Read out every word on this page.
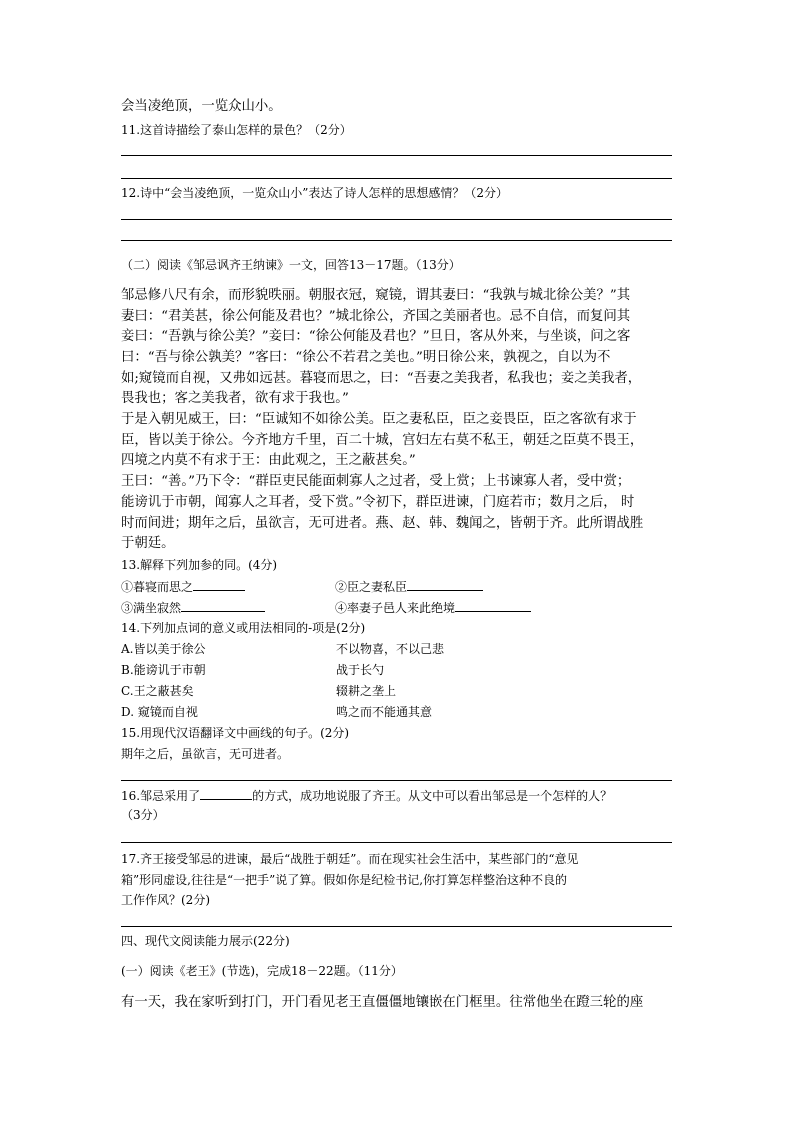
会当凌绝顶，一览众山小。
11.这首诗描绘了泰山怎样的景色？（2分）
12.诗中“会当凌绝顶，一览众山小”表达了诗人怎样的思想感情？（2分）
（二）阅读《邹忌讽齐王纳谏》一文，回答13－17题。（13分）
邹忌修八尺有余，而形貌昳丽。朝服衣冠，窥镜，谓其妻曰：“我孰与城北徐公美？”其
妻曰：“君美甚，徐公何能及君也？”城北徐公，齐国之美丽者也。忌不自信，而复问其
妾曰：“吾孰与徐公美？”妾曰：“徐公何能及君也？”旦日，客从外来，与坐谈，问之客
曰：“吾与徐公孰美？”客曰：“徐公不若君之美也。”明日徐公来，孰视之，自以为不
如;窥镜而自视，又弗如远甚。暮寝而思之，曰：“吾妻之美我者，私我也；妾之美我者，
畏我也；客之美我者，欲有求于我也。”
于是入朝见威王，曰：“臣诚知不如徐公美。臣之妻私臣，臣之妾畏臣，臣之客欲有求于
臣，皆以美于徐公。今齐地方千里，百二十城，宫妇左右莫不私王，朝廷之臣莫不畏王，
四境之内莫不有求于王：由此观之，王之蔽甚矣。”
王曰：“善。”乃下令：“群臣吏民能面刺寡人之过者，受上赏；上书谏寡人者，受中赏；
能谤讥于市朝，闻寡人之耳者，受下赏。”令初下，群臣进谏，门庭若市；数月之后， 时
时而间进；期年之后，虽欲言，无可进者。燕、赵、韩、魏闻之，皆朝于齐。此所谓战胜
于朝廷。
13.解释下列加参的同。(4分)
①暮寝而思之	②臣之妻私臣
③满坐寂然	④率妻子邑人来此绝境
14.下列加点词的意义或用法相同的-项是(2分)
A.皆以美于徐公	不以物喜，不以己悲
B.能谤讥于市朝	战于长勺
C.王之蔽甚矣	辍耕之垄上
D. 窥镜而自视	鸣之而不能通其意
15.用现代汉语翻译文中画线的句子。(2分)
期年之后，虽欲言，无可进者。
16.邹忌采用了	的方式，成功地说服了齐王。从文中可以看出邹忌是一个怎样的人？
（3分）
17.齐王接受邹忌的进谏，最后“战胜于朝廷”。而在现实社会生活中，某些部门的“意见
箱”形同虚设,往往是“一把手”说了算。假如你是纪检书记,你打算怎样整治这种不良的
工作作风？(2分)
四、现代文阅读能力展示(22分)
(一）阅读《老王》(节选)，完成18－22题。（11分）
有一天，我在家听到打门，开门看见老王直僵僵地镶嵌在门框里。往常他坐在蹬三轮的座
